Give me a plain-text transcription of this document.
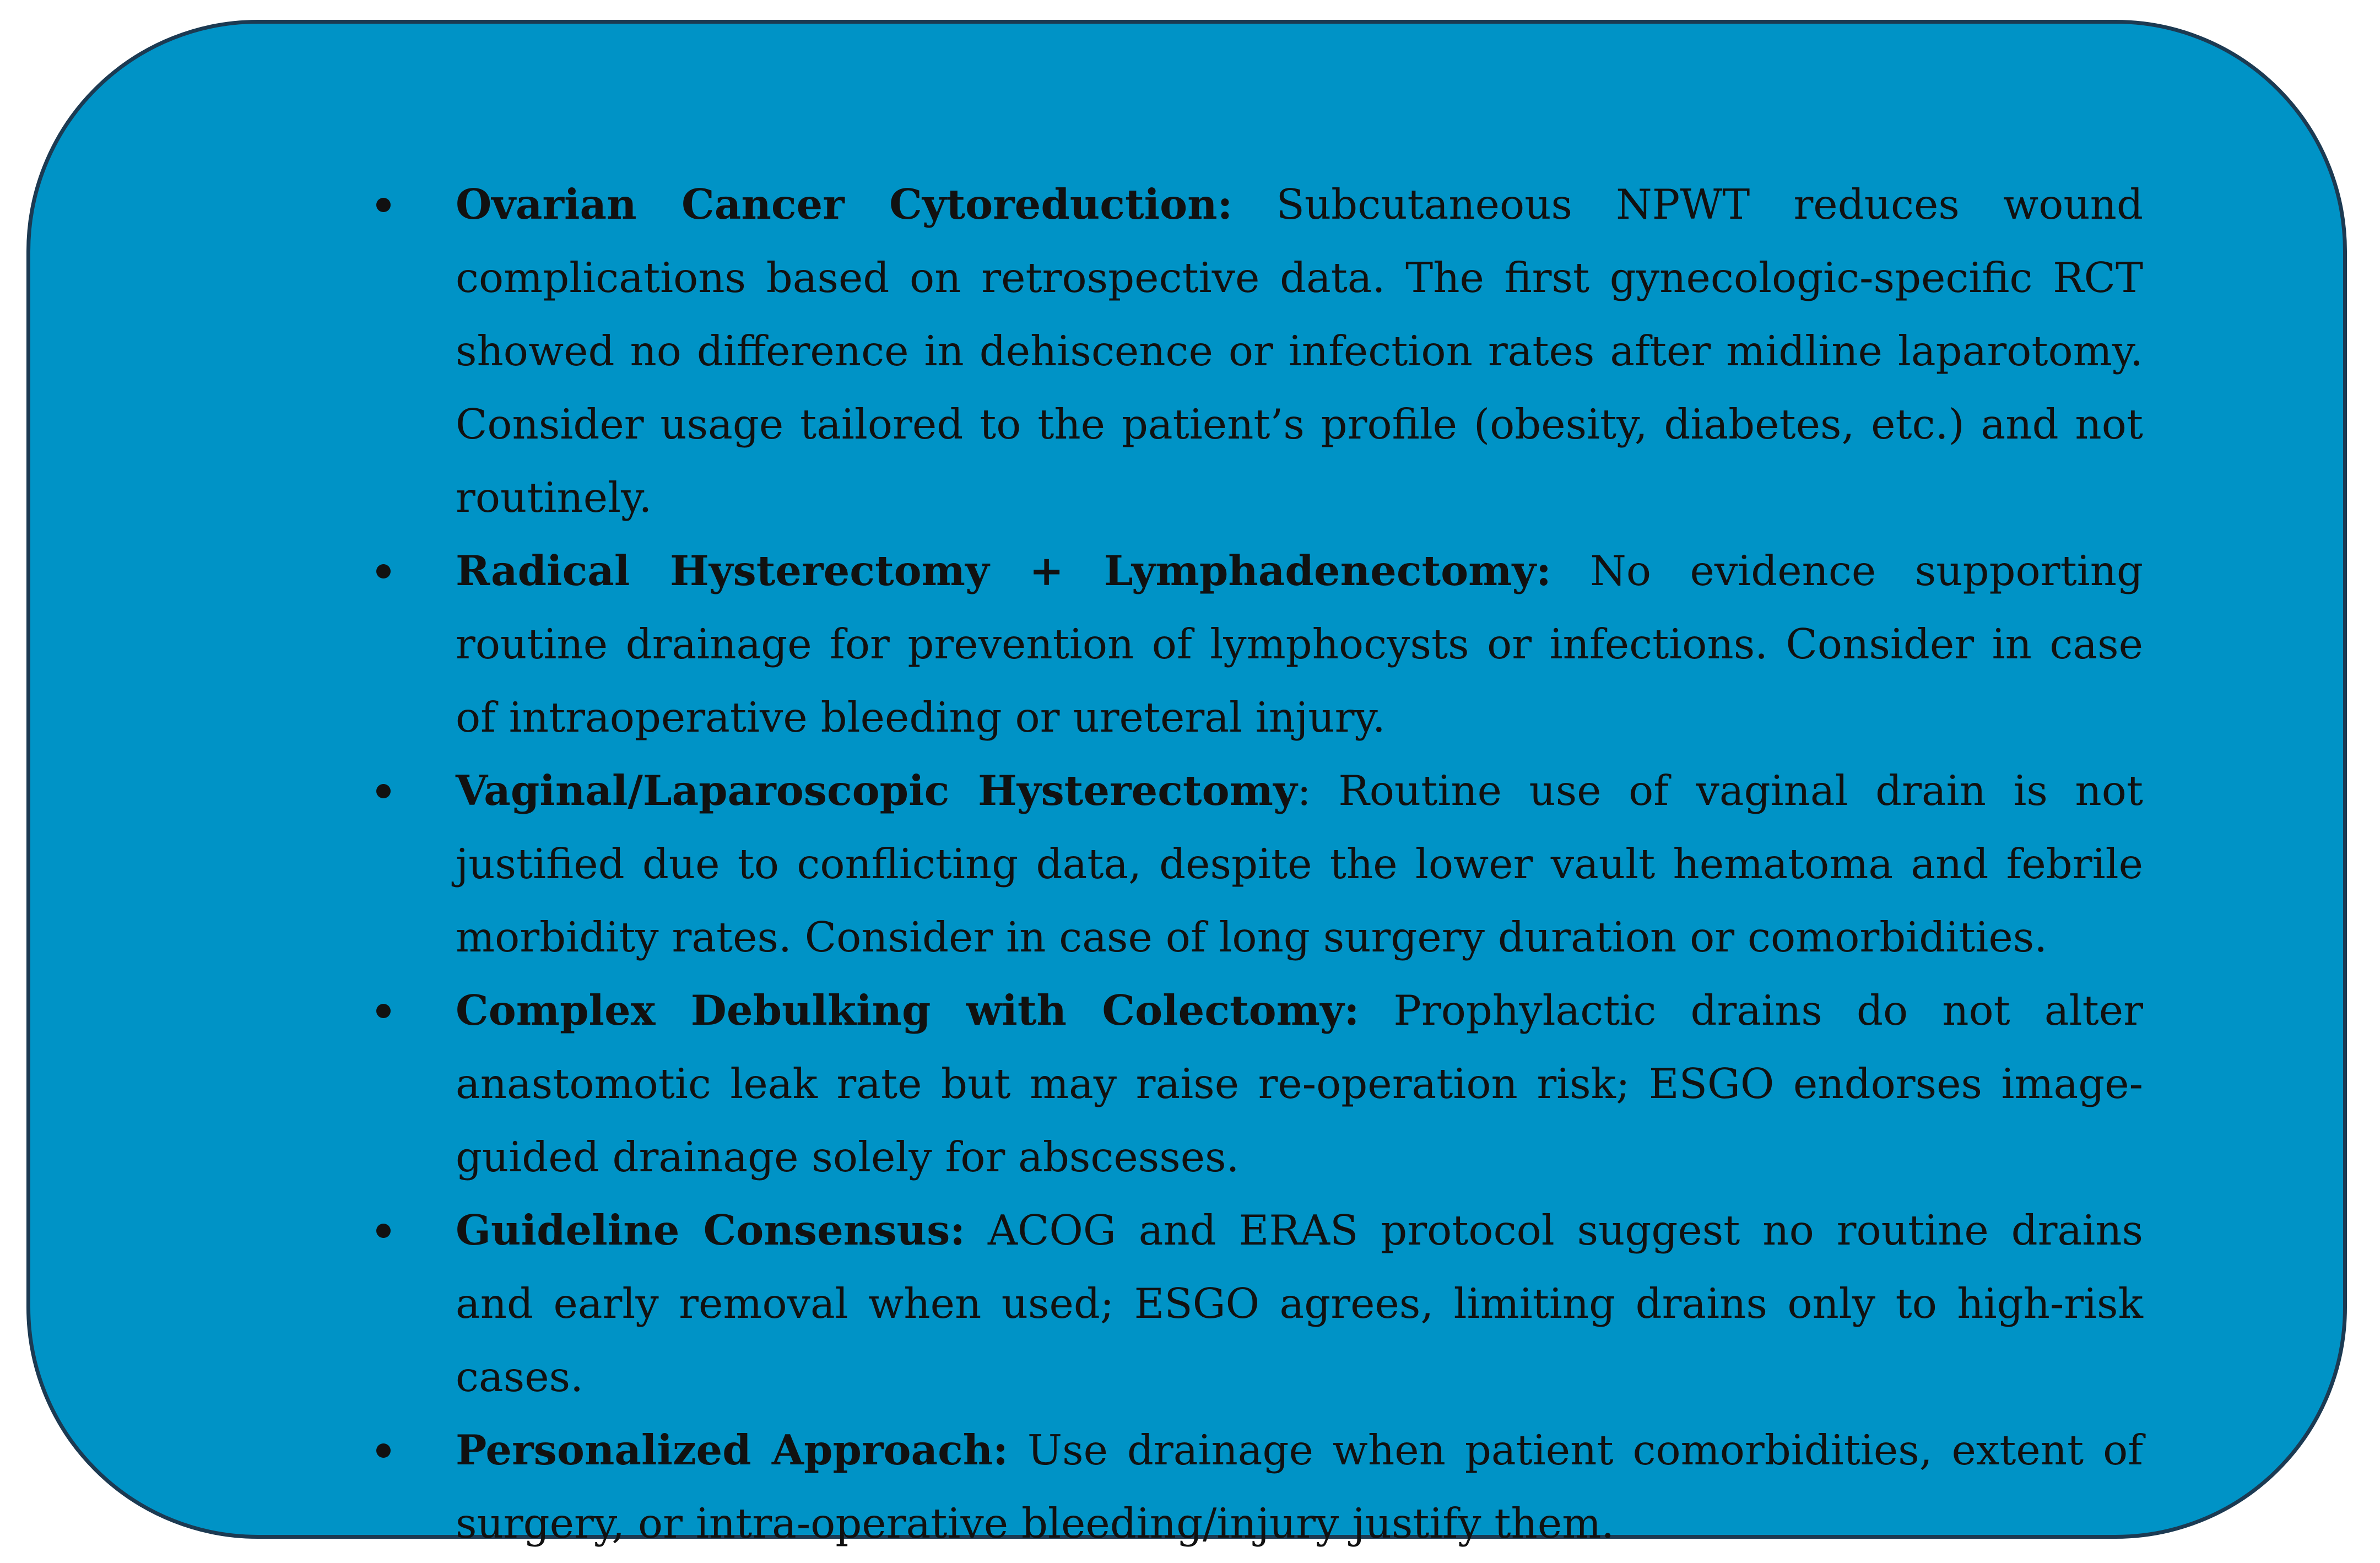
Ovarian Cancer Cytoreduction: Subcutaneous NPWT reduces wound complications based on retrospective data. The first gynecologic-specific RCT showed no difference in dehiscence or infection rates after midline laparotomy. Consider usage tailored to the patient’s profile (obesity, diabetes, etc.) and not routinely.
Radical Hysterectomy + Lymphadenectomy: No evidence supporting routine drainage for prevention of lymphocysts or infections. Consider in case of intraoperative bleeding or ureteral injury.
Vaginal/Laparoscopic Hysterectomy: Routine use of vaginal drain is not justified due to conflicting data, despite the lower vault hematoma and febrile morbidity rates. Consider in case of long surgery duration or comorbidities.
Complex Debulking with Colectomy: Prophylactic drains do not alter anastomotic leak rate but may raise re-operation risk; ESGO endorses image-guided drainage solely for abscesses.
Guideline Consensus: ACOG and ERAS protocol suggest no routine drains and early removal when used; ESGO agrees, limiting drains only to high-risk cases.
Personalized Approach: Use drainage when patient comorbidities, extent of surgery, or intra-operative bleeding/injury justify them.
